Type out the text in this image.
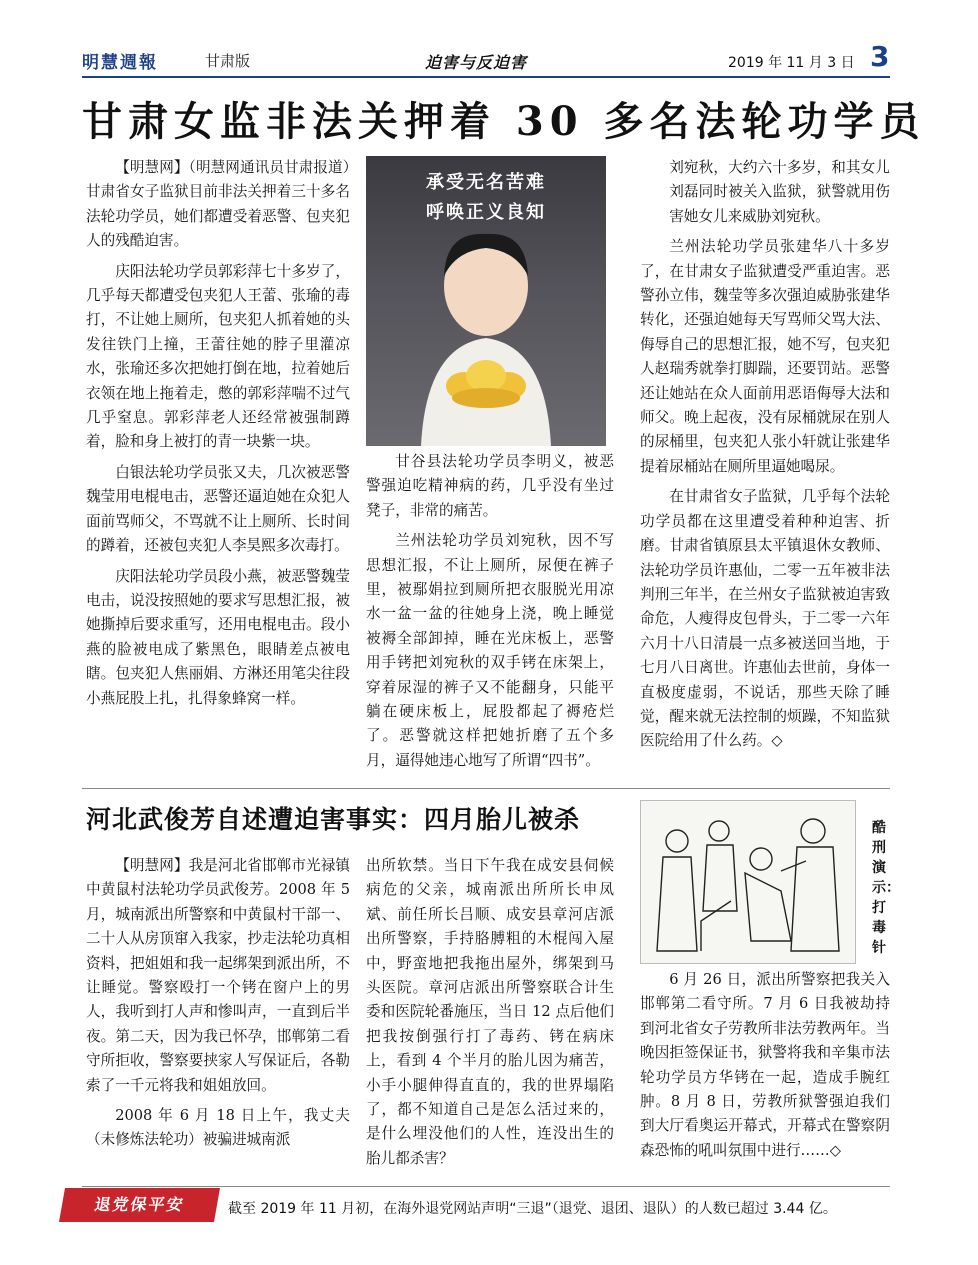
明慧週報	甘肃版	迫害与反迫害	2019 年 11 月 3 日 3
甘肃女监非法关押着 30 多名法轮功学员

【明慧网】（明慧网通讯员甘肃报道）甘肃省女子监狱目前非法关押着三十多名法轮功学员，她们都遭受着恶警、包夹犯人的残酷迫害。

庆阳法轮功学员郭彩萍七十多岁了，几乎每天都遭受包夹犯人王蕾、张瑜的毒打，不让她上厕所，包夹犯人抓着她的头发往铁门上撞，王蕾往她的脖子里灌凉水，张瑜还多次把她打倒在地，拉着她后衣领在地上拖着走，憋的郭彩萍喘不过气几乎窒息。郭彩萍老人还经常被强制蹲着，脸和身上被打的青一块紫一块。

白银法轮功学员张又夫，几次被恶警魏莹用电棍电击，恶警还逼迫她在众犯人面前骂师父，不骂就不让上厕所、长时间的蹲着，还被包夹犯人李昊熙多次毒打。

庆阳法轮功学员段小燕，被恶警魏莹电击，说没按照她的要求写思想汇报，被她撕掉后要求重写，还用电棍电击。段小燕的脸被电成了紫黑色，眼睛差点被电瞎。包夹犯人焦丽娟、方淋还用笔尖往段小燕屁股上扎，扎得象蜂窝一样。

承受无名苦难
呼唤正义良知

甘谷县法轮功学员李明义，被恶警强迫吃精神病的药，几乎没有坐过凳子，非常的痛苦。

兰州法轮功学员刘宛秋，因不写思想汇报，不让上厕所，尿便在裤子里，被鄢娟拉到厕所把衣服脱光用凉水一盆一盆的往她身上浇，晚上睡觉被褥全部卸掉，睡在光床板上，恶警用手铐把刘宛秋的双手铐在床架上，穿着尿湿的裤子又不能翻身，只能平躺在硬床板上，屁股都起了褥疮烂了。恶警就这样把她折磨了五个多月，逼得她违心地写了所谓“四书”。

刘宛秋，大约六十多岁，和其女儿刘磊同时被关入监狱，狱警就用伤害她女儿来威胁刘宛秋。

兰州法轮功学员张建华八十多岁了，在甘肃女子监狱遭受严重迫害。恶警孙立伟，魏莹等多次强迫威胁张建华转化，还强迫她每天写骂师父骂大法、侮辱自己的思想汇报，她不写，包夹犯人赵瑞秀就拳打脚踹，还要罚站。恶警还让她站在众人面前用恶语侮辱大法和师父。晚上起夜，没有尿桶就尿在别人的尿桶里，包夹犯人张小轩就让张建华提着尿桶站在厕所里逼她喝尿。

在甘肃省女子监狱，几乎每个法轮功学员都在这里遭受着种种迫害、折磨。甘肃省镇原县太平镇退休女教师、法轮功学员许惠仙，二零一五年被非法判刑三年半，在兰州女子监狱被迫害致命危，人瘦得皮包骨头，于二零一六年六月十八日清晨一点多被送回当地，于七月八日离世。许惠仙去世前，身体一直极度虚弱，不说话，那些天除了睡觉，醒来就无法控制的烦躁，不知监狱医院给用了什么药。◇

河北武俊芳自述遭迫害事实：四月胎儿被杀

【明慧网】我是河北省邯郸市光禄镇中黄鼠村法轮功学员武俊芳。2008 年 5 月，城南派出所警察和中黄鼠村干部一、二十人从房顶窜入我家，抄走法轮功真相资料，把姐姐和我一起绑架到派出所，不让睡觉。警察殴打一个铐在窗户上的男人，我听到打人声和惨叫声，一直到后半夜。第二天，因为我已怀孕，邯郸第二看守所拒收，警察要挟家人写保证后，各勒索了一千元将我和姐姐放回。

2008 年 6 月 18 日上午，我丈夫（未修炼法轮功）被骗进城南派

出所软禁。当日下午我在成安县伺候病危的父亲，城南派出所所长申凤斌、前任所长吕顺、成安县章河店派出所警察，手持胳膊粗的木棍闯入屋中，野蛮地把我拖出屋外，绑架到马头医院。章河店派出所警察联合计生委和医院轮番施压，当日 12 点后他们把我按倒强行打了毒药、铐在病床上，看到 4 个半月的胎儿因为痛苦，小手小腿伸得直直的，我的世界塌陷了，都不知道自己是怎么活过来的，是什么埋没他们的人性，连没出生的胎儿都杀害？

酷刑演示：打毒针

6 月 26 日，派出所警察把我关入邯郸第二看守所。7 月 6 日我被劫持到河北省女子劳教所非法劳教两年。当晚因拒签保证书，狱警将我和辛集市法轮功学员方华铐在一起，造成手腕红肿。8 月 8 日，劳教所狱警强迫我们到大厅看奥运开幕式，开幕式在警察阴森恐怖的吼叫氛围中进行……◇

退党保平安	截至 2019 年 11 月初，在海外退党网站声明“三退”（退党、退团、退队）的人数已超过 3.44 亿。
